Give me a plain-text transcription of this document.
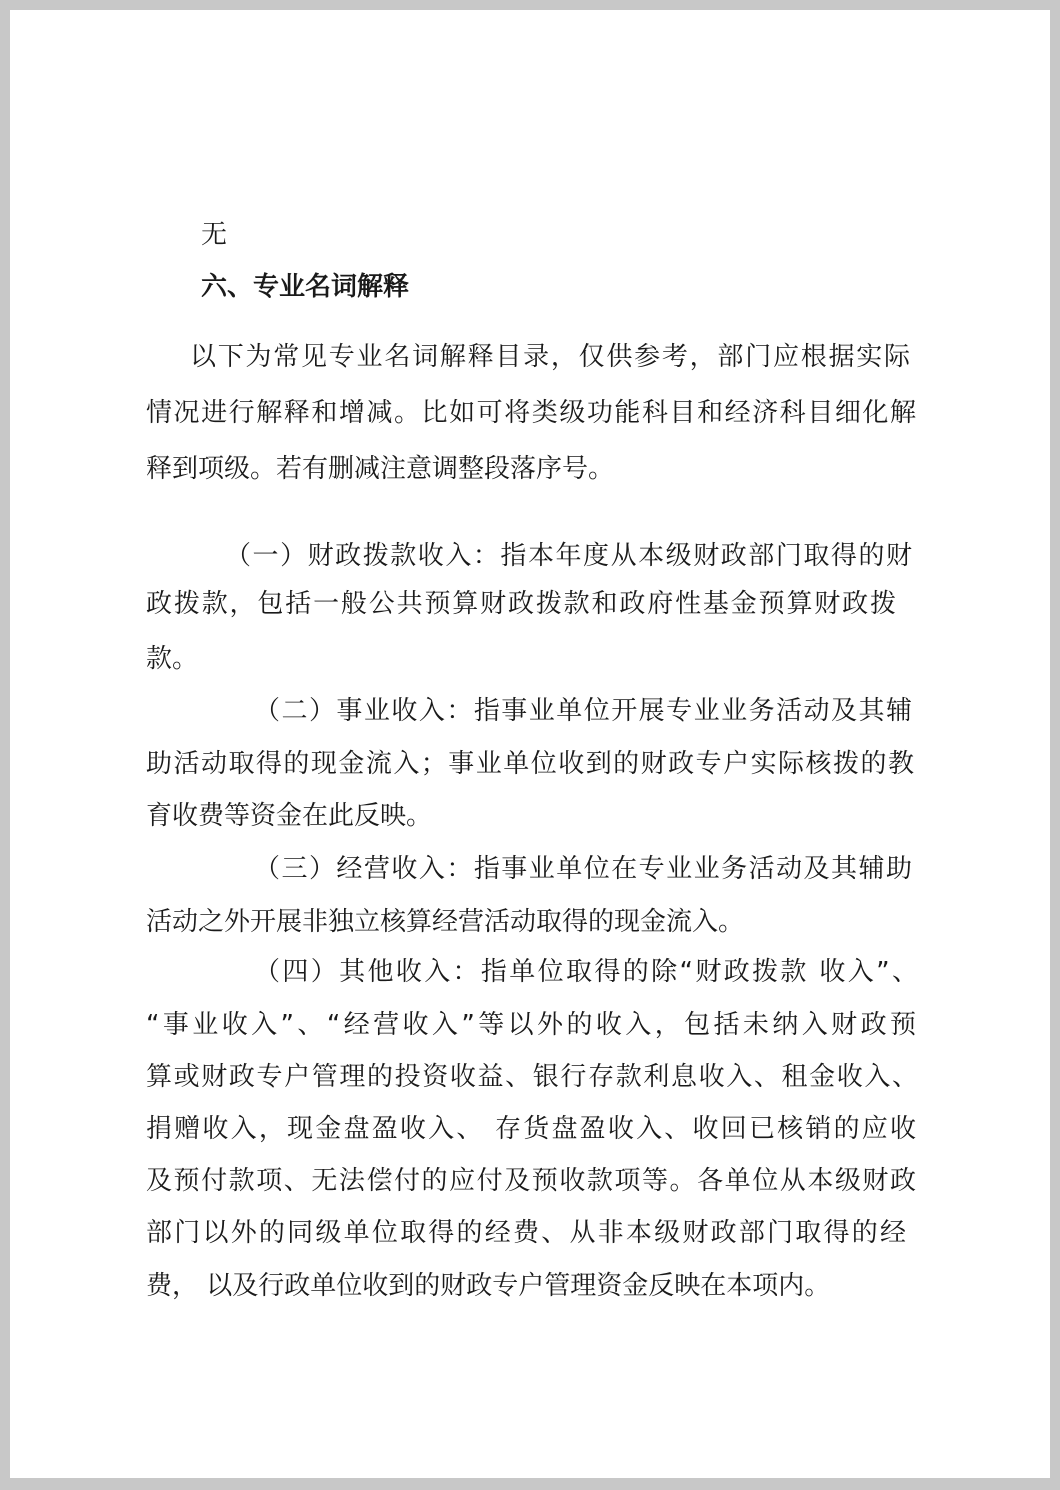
无

六、专业名词解释

以下为常见专业名词解释目录，仅供参考，部门应根据实际

情况进行解释和增减。比如可将类级功能科目和经济科目细化解

释到项级。若有删减注意调整段落序号。

（一）财政拨款收入：指本年度从本级财政部门取得的财

政拨款，包括一般公共预算财政拨款和政府性基金预算财政拨

款。

（二）事业收入：指事业单位开展专业业务活动及其辅

助活动取得的现金流入；事业单位收到的财政专户实际核拨的教

育收费等资金在此反映。

（三）经营收入：指事业单位在专业业务活动及其辅助

活动之外开展非独立核算经营活动取得的现金流入。

（四）其他收入：指单位取得的除“财政拨款 收入”、

“事业收入”、“经营收入”等以外的收入，包括未纳入财政预

算或财政专户管理的投资收益、银行存款利息收入、租金收入、

捐赠收入，现金盘盈收入、 存货盘盈收入、收回已核销的应收

及预付款项、无法偿付的应付及预收款项等。各单位从本级财政

部门以外的同级单位取得的经费、从非本级财政部门取得的经

费， 以及行政单位收到的财政专户管理资金反映在本项内。
